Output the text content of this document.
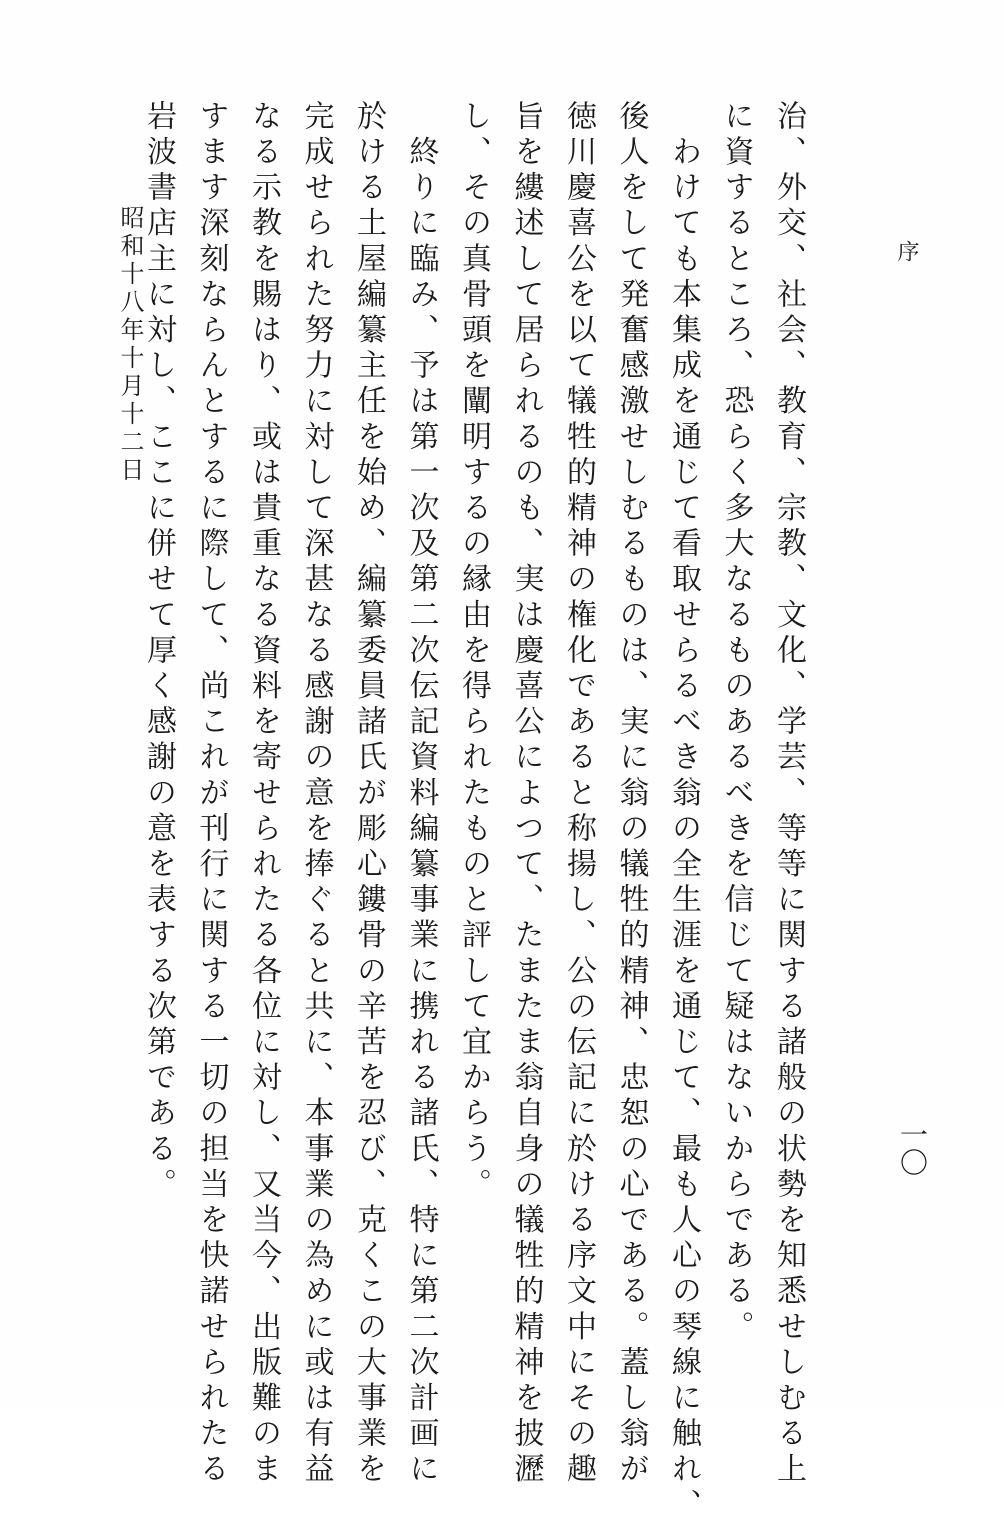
序
一〇

治、外交、社会、教育、宗教、文化、学芸、等等に関する諸般の状勢を知悉せしむる上

に資するところ、恐らく多大なるものあるべきを信じて疑はないからである。

　わけても本集成を通じて看取せらるべき翁の全生涯を通じて、最も人心の琴線に触れ、

後人をして発奮感激せしむるものは、実に翁の犠牲的精神、忠恕の心である。蓋し翁が

徳川慶喜公を以て犠牲的精神の権化であると称揚し、公の伝記に於ける序文中にその趣

旨を縷述して居られるのも、実は慶喜公によつて、たまたま翁自身の犠牲的精神を披瀝

し、その真骨頭を闡明するの縁由を得られたものと評して宜からう。

　終りに臨み、予は第一次及第二次伝記資料編纂事業に携れる諸氏、特に第二次計画に

於ける土屋編纂主任を始め、編纂委員諸氏が彫心鏤骨の辛苦を忍び、克くこの大事業を

完成せられた努力に対して深甚なる感謝の意を捧ぐると共に、本事業の為めに或は有益

なる示教を賜はり、或は貴重なる資料を寄せられたる各位に対し、又当今、出版難のま

すます深刻ならんとするに際して、尚これが刊行に関する一切の担当を快諾せられたる

岩波書店主に対し、ここに併せて厚く感謝の意を表する次第である。

昭和十八年十月十二日
